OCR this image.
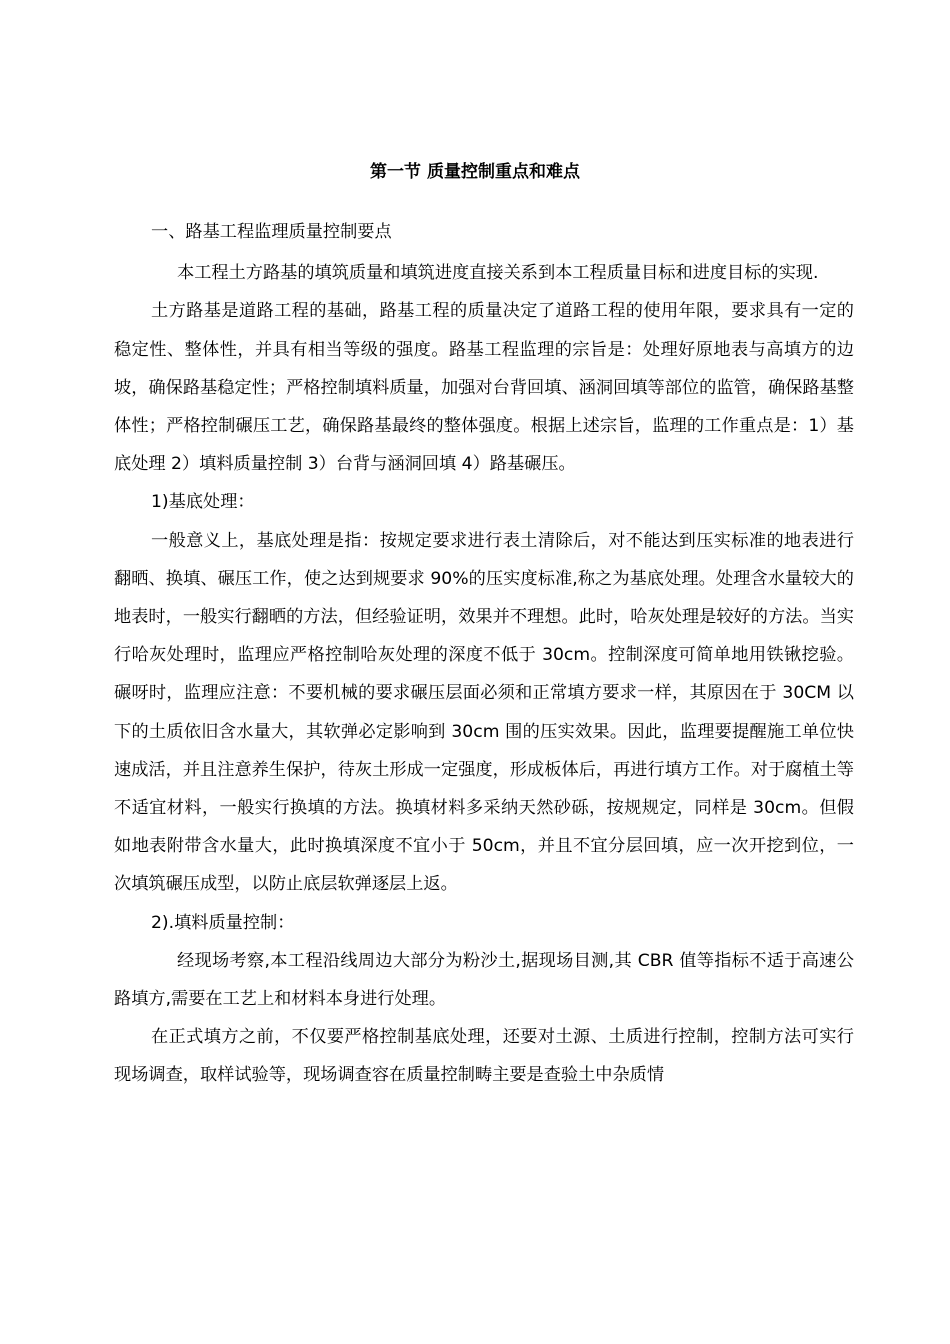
第一节 质量控制重点和难点

一、路基工程监理质量控制要点

本工程土方路基的填筑质量和填筑进度直接关系到本工程质量目标和进度目标的实现.

土方路基是道路工程的基础，路基工程的质量决定了道路工程的使用年限，要求具有一定的稳定性、整体性，并具有相当等级的强度。路基工程监理的宗旨是：处理好原地表与高填方的边坡，确保路基稳定性；严格控制填料质量，加强对台背回填、涵洞回填等部位的监管，确保路基整体性；严格控制碾压工艺，确保路基最终的整体强度。根据上述宗旨，监理的工作重点是：1）基底处理 2）填料质量控制 3）台背与涵洞回填 4）路基碾压。

1)基底处理：

一般意义上，基底处理是指：按规定要求进行表土清除后，对不能达到压实标准的地表进行翻晒、换填、碾压工作，使之达到规要求 90%的压实度标准,称之为基底处理。处理含水量较大的地表时，一般实行翻晒的方法，但经验证明，效果并不理想。此时，哈灰处理是较好的方法。当实行哈灰处理时，监理应严格控制哈灰处理的深度不低于 30cm。控制深度可简单地用铁锹挖验。碾呀时，监理应注意：不要机械的要求碾压层面必须和正常填方要求一样，其原因在于 30CM 以下的土质依旧含水量大，其软弹必定影响到 30cm 围的压实效果。因此，监理要提醒施工单位快速成活，并且注意养生保护，待灰土形成一定强度，形成板体后，再进行填方工作。对于腐植土等不适宜材料，一般实行换填的方法。换填材料多采纳天然砂砾，按规规定，同样是 30cm。但假如地表附带含水量大，此时换填深度不宜小于 50cm，并且不宜分层回填，应一次开挖到位，一次填筑碾压成型，以防止底层软弹逐层上返。

2).填料质量控制：

经现场考察,本工程沿线周边大部分为粉沙土,据现场目测,其 CBR 值等指标不适于高速公路填方,需要在工艺上和材料本身进行处理。

在正式填方之前，不仅要严格控制基底处理，还要对土源、土质进行控制，控制方法可实行现场调查，取样试验等，现场调查容在质量控制畴主要是查验土中杂质情
